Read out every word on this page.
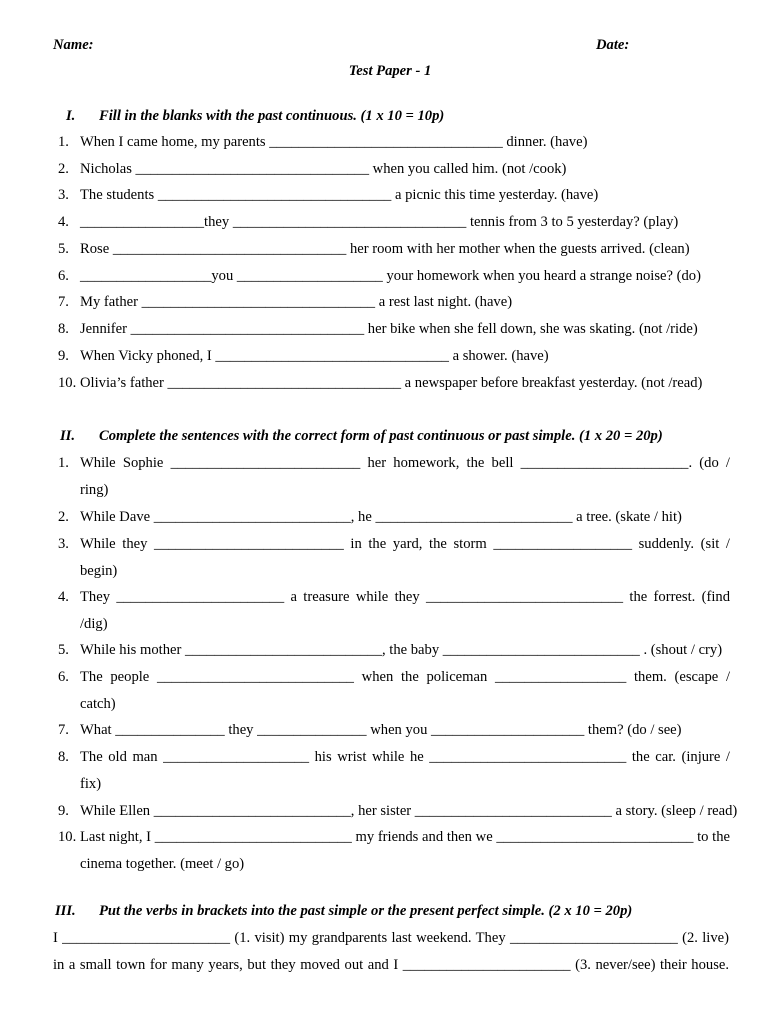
Name:	Date:
Test Paper - 1
I. Fill in the blanks with the past continuous. (1 x 10 = 10p)
1. When I came home, my parents ________________________________ dinner. (have)
2. Nicholas ________________________________ when you called him. (not /cook)
3. The students ________________________________ a picnic this time yesterday. (have)
4. _________________they ________________________________ tennis from 3 to 5 yesterday? (play)
5. Rose ________________________________ her room with her mother when the guests arrived. (clean)
6. __________________you ____________________ your homework when you heard a strange noise? (do)
7. My father ________________________________ a rest last night. (have)
8. Jennifer ________________________________ her bike when she fell down, she was skating. (not /ride)
9. When Vicky phoned, I ________________________________ a shower. (have)
10. Olivia’s father ________________________________ a newspaper before breakfast yesterday. (not /read)
II. Complete the sentences with the correct form of past continuous or past simple. (1 x 20 = 20p)
1. While Sophie __________________________ her homework, the bell _______________________. (do /
ring)
2. While Dave ___________________________, he ___________________________ a tree. (skate / hit)
3. While they __________________________ in the yard, the storm ___________________ suddenly. (sit /
begin)
4. They _______________________ a treasure while they ___________________________ the forrest. (find
/dig)
5. While his mother ___________________________, the baby ___________________________ . (shout / cry)
6. The people ___________________________ when the policeman __________________ them. (escape /
catch)
7. What _______________ they _______________ when you _____________________ them? (do / see)
8. The old man ____________________ his wrist while he ___________________________ the car. (injure /
fix)
9. While Ellen ___________________________, her sister ___________________________ a story. (sleep / read)
10. Last night, I ___________________________ my friends and then we ___________________________ to the
cinema together. (meet / go)
III. Put the verbs in brackets into the past simple or the present perfect simple. (2 x 10 = 20p)
I _______________________ (1. visit) my grandparents last weekend. They _______________________ (2. live)
in a small town for many years, but they moved out and I _______________________ (3. never/see) their house.
